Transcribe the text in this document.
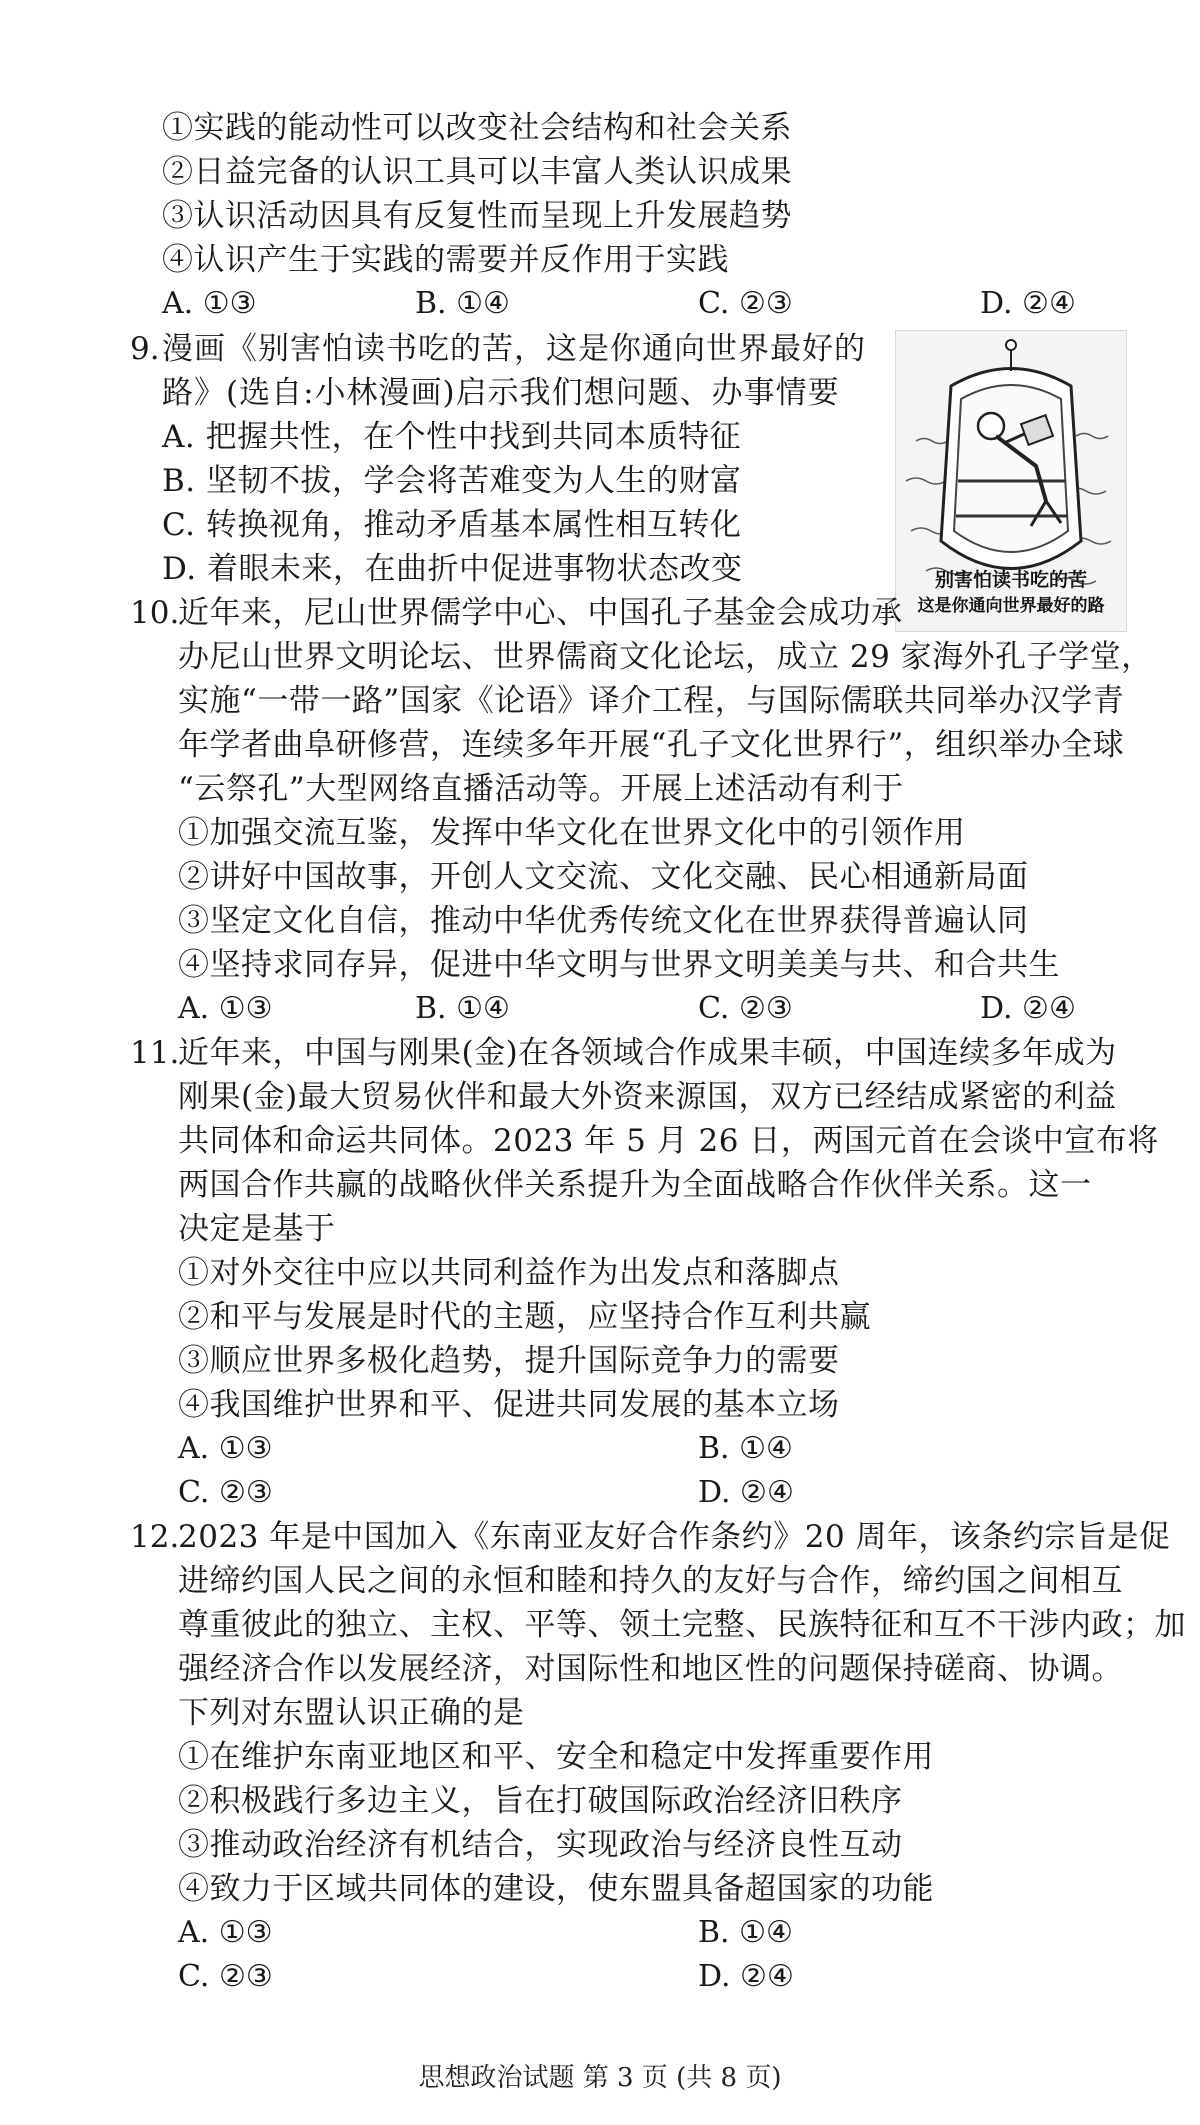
①实践的能动性可以改变社会结构和社会关系
②日益完备的认识工具可以丰富人类认识成果
③认识活动因具有反复性而呈现上升发展趋势
④认识产生于实践的需要并反作用于实践
A. ①③	B. ①④	C. ②③	D. ②④
9. 漫画《别害怕读书吃的苦，这是你通向世界最好的
路》(选自:小林漫画)启示我们想问题、办事情要
A. 把握共性，在个性中找到共同本质特征
B. 坚韧不拔，学会将苦难变为人生的财富
C. 转换视角，推动矛盾基本属性相互转化
D. 着眼未来，在曲折中促进事物状态改变	别害怕读书吃的苦
这是你通向世界最好的路
10.
近年来，尼山世界儒学中心、中国孔子基金会成功承
办尼山世界文明论坛、世界儒商文化论坛，成立 29 家海外孔子学堂，
实施“一带一路”国家《论语》译介工程，与国际儒联共同举办汉学青
年学者曲阜研修营，连续多年开展“孔子文化世界行”，组织举办全球
“云祭孔”大型网络直播活动等。开展上述活动有利于
①加强交流互鉴，发挥中华文化在世界文化中的引领作用
②讲好中国故事，开创人文交流、文化交融、民心相通新局面
③坚定文化自信，推动中华优秀传统文化在世界获得普遍认同
④坚持求同存异，促进中华文明与世界文明美美与共、和合共生
A. ①③	B. ①④	C. ②③	D. ②④
11.
近年来，中国与刚果(金)在各领域合作成果丰硕，中国连续多年成为
刚果(金)最大贸易伙伴和最大外资来源国，双方已经结成紧密的利益
共同体和命运共同体。2023 年 5 月 26 日，两国元首在会谈中宣布将
两国合作共赢的战略伙伴关系提升为全面战略合作伙伴关系。这一
决定是基于
①对外交往中应以共同利益作为出发点和落脚点
②和平与发展是时代的主题，应坚持合作互利共赢
③顺应世界多极化趋势，提升国际竞争力的需要
④我国维护世界和平、促进共同发展的基本立场
A. ①③	B. ①④
C. ②③	D. ②④
12.
2023 年是中国加入《东南亚友好合作条约》20 周年，该条约宗旨是促
进缔约国人民之间的永恒和睦和持久的友好与合作，缔约国之间相互
尊重彼此的独立、主权、平等、领土完整、民族特征和互不干涉内政；加
强经济合作以发展经济，对国际性和地区性的问题保持磋商、协调。
下列对东盟认识正确的是
①在维护东南亚地区和平、安全和稳定中发挥重要作用
②积极践行多边主义，旨在打破国际政治经济旧秩序
③推动政治经济有机结合，实现政治与经济良性互动
④致力于区域共同体的建设，使东盟具备超国家的功能
A. ①③	B. ①④
C. ②③	D. ②④
思想政治试题 第 3 页 (共 8 页)
